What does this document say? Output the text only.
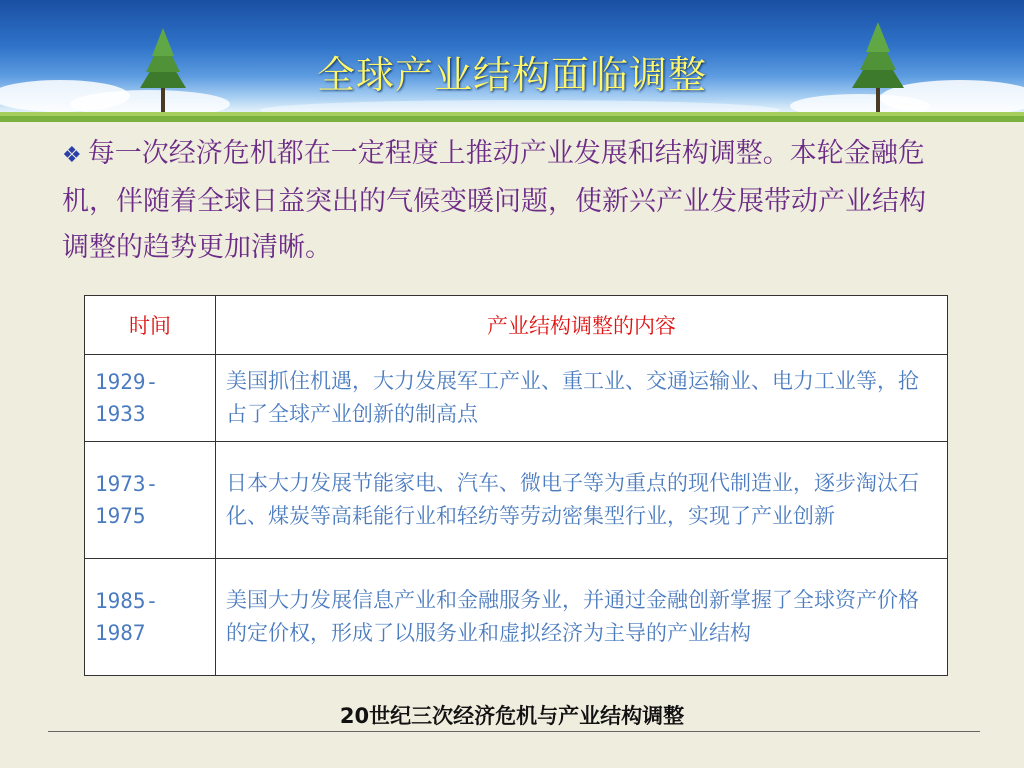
全球产业结构面临调整
❖ 每一次经济危机都在一定程度上推动产业发展和结构调整。本轮金融危机，伴随着全球日益突出的气候变暖问题，使新兴产业发展带动产业结构调整的趋势更加清晰。
时间	产业结构调整的内容

1929-
1933	美国抓住机遇，大力发展军工产业、重工业、交通运输业、电力工业等，抢占了全球产业创新的制高点

1973-
1975	日本大力发展节能家电、汽车、微电子等为重点的现代制造业，逐步淘汰石化、煤炭等高耗能行业和轻纺等劳动密集型行业，实现了产业创新

1985-
1987	美国大力发展信息产业和金融服务业，并通过金融创新掌握了全球资产价格的定价权，形成了以服务业和虚拟经济为主导的产业结构
20世纪三次经济危机与产业结构调整
